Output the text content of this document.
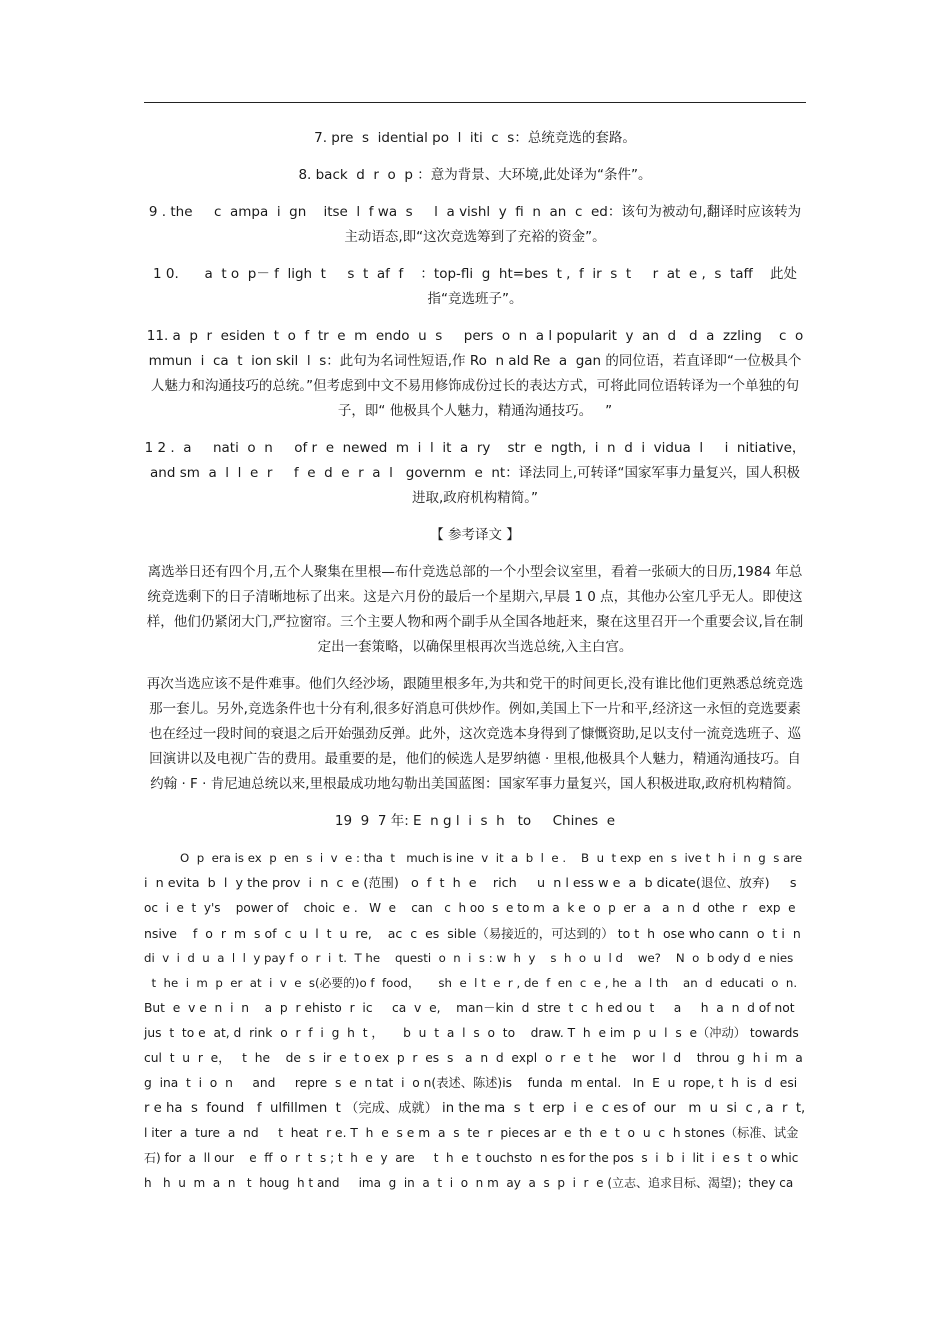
7. pre  s  idential po  l  iti  c  s：总统竞选的套路。

8. back  d  r  o  p ：意为背景、大环境,此处译为“条件”。

9 . the     c  ampa  i  gn    itse  l  f wa  s     l  a vishl  y  fi  n  an  c  ed：该句为被动句,翻译时应该转为主动语态,即“这次竞选筹到了充裕的资金”。

1 0.      a  t o  p－ f  ligh  t     s  t  af  f    ：top-fli  g  ht=bes  t ,  f  ir  s  t     r  at  e ,  s  taff    此处指“竞选班子”。

11. a  p  r  esiden  t  o  f  tr  e  m  endo  u  s     pers  o  n  a l popularit  y  an  d   d  a  zzling    c  o  mmun  i  ca  t  ion skil  l  s：此句为名词性短语,作 Ro  n ald Re  a  gan 的同位语，若直译即“一位极具个人魅力和沟通技巧的总统。”但考虑到中文不易用修饰成份过长的表达方式，可将此同位语转译为一个单独的句子，即“ 他极具个人魅力，精通沟通技巧。   ”

1 2 .  a     nati  o  n     of r  e  newed  m  i  l  it  a  ry    str  e  ngth,  i  n  d  i  vidua  l     i  nitiative，and sm  a  l  l  e  r     f  e  d  e  r  a  l   governm  e  nt：译法同上,可转译“国家军事力量复兴，国人积极进取,政府机构精简。”

【 参考译文 】

离选举日还有四个月,五个人聚集在里根—布什竞选总部的一个小型会议室里，看着一张硕大的日历,1984 年总统竞选剩下的日子清晰地标了出来。这是六月份的最后一个星期六,早晨 1 0 点，其他办公室几乎无人。即使这样，他们仍紧闭大门,严拉窗帘。三个主要人物和两个副手从全国各地赶来，聚在这里召开一个重要会议,旨在制定出一套策略，以确保里根再次当选总统,入主白宫。

再次当选应该不是件难事。他们久经沙场，跟随里根多年,为共和党干的时间更长,没有谁比他们更熟悉总统竞选那一套儿。另外,竞选条件也十分有利,很多好消息可供炒作。例如,美国上下一片和平,经济这一永恒的竞选要素也在经过一段时间的衰退之后开始强劲反弹。此外，这次竞选本身得到了慷慨资助,足以支付一流竞选班子、巡回演讲以及电视广告的费用。最重要的是，他们的候选人是罗纳德 · 里根,他极具个人魅力，精通沟通技巧。自约翰 · F · 肯尼迪总统以来,里根最成功地勾勒出美国蓝图：国家军事力量复兴，国人积极进取,政府机构精简。

19  9  7 年: E  n g l  i  s  h   to     Chines  e

O  p  era is ex  p  en  s  i  v  e : tha  t   much is ine  v  it  a  b  l  e .    B  u  t exp  en  s  ive t  h  i  n  g  s are
i  n evita  b  l  y the prov  i  n  c  e (范围)   o  f  t  h  e    rich     u  n l ess w e  a  b dicate(退位、放弃)     s
oc  i  e  t  y's    power of    choic  e .   W  e    can   c  h oo  s  e to m  a  k e  o  p  er  a   a  n  d  othe  r   exp  e
nsive    f  o  r  m  s of  c  u  l  t  u  re,    ac  c  es  sible（易接近的，可达到的） to t  h  ose who cann  o  t i  n
di  v  i  d  u  a  l  l  y pay f  o  r  i  t.  T he    questi  o  n  i  s : w  h  y    s  h  o  u  l d    we?    N  o  b ody d  e nies
t  he  i  m  p  er  at  i  v  e  s(必要的)o f  food，     sh  e  l t  e  r , de  f  en  c  e , he  a  l th    an  d  educati  o  n.
But  e  v e  n  i  n    a  p  r ehisto  r  ic     ca  v  e,    man－kin  d  stre  t  c  h ed ou  t     a     h  a  n  d of not
jus  t  to e  at, d  rink  o  r  f  i  g  h  t ，     b  u  t  a  l  s  o  to    draw. T  h  e im  p  u  l  s  e（冲动） towards
cul  t  u  r  e，   t  he    de  s  ir  e  t o ex  p  r  es  s   a  n  d  expl  o  r  e  t  he    wor  l  d    throu  g  h i  m  a
g  ina  t  i  o  n     and     repre  s  e  n tat  i  o n(表述、陈述)is    funda  m ental.   In  E  u  rope, t  h  is  d  esi
r e ha  s  found   f  ulfillmen  t （完成、成就） in the ma  s  t  erp  i  e  c es of  our   m  u  si  c , a  r  t,
l iter  a  ture  a  nd     t  heat  r e. T  h  e  s e m  a  s  te  r  pieces ar  e  th  e  t  o  u  c  h stones（标准、试金
石) for  a  ll our    e  ff  o  r  t  s ; t  h  e  y  are     t  h  e  t ouchsto  n es for the pos  s  i  b  i  lit  i  e s  t  o whic
h   h  u  m  a  n   t  houg  h t and     ima  g  in  a  t  i  o  n m  ay  a  s  p  i  r  e (立志、追求目标、渴望)；they ca
